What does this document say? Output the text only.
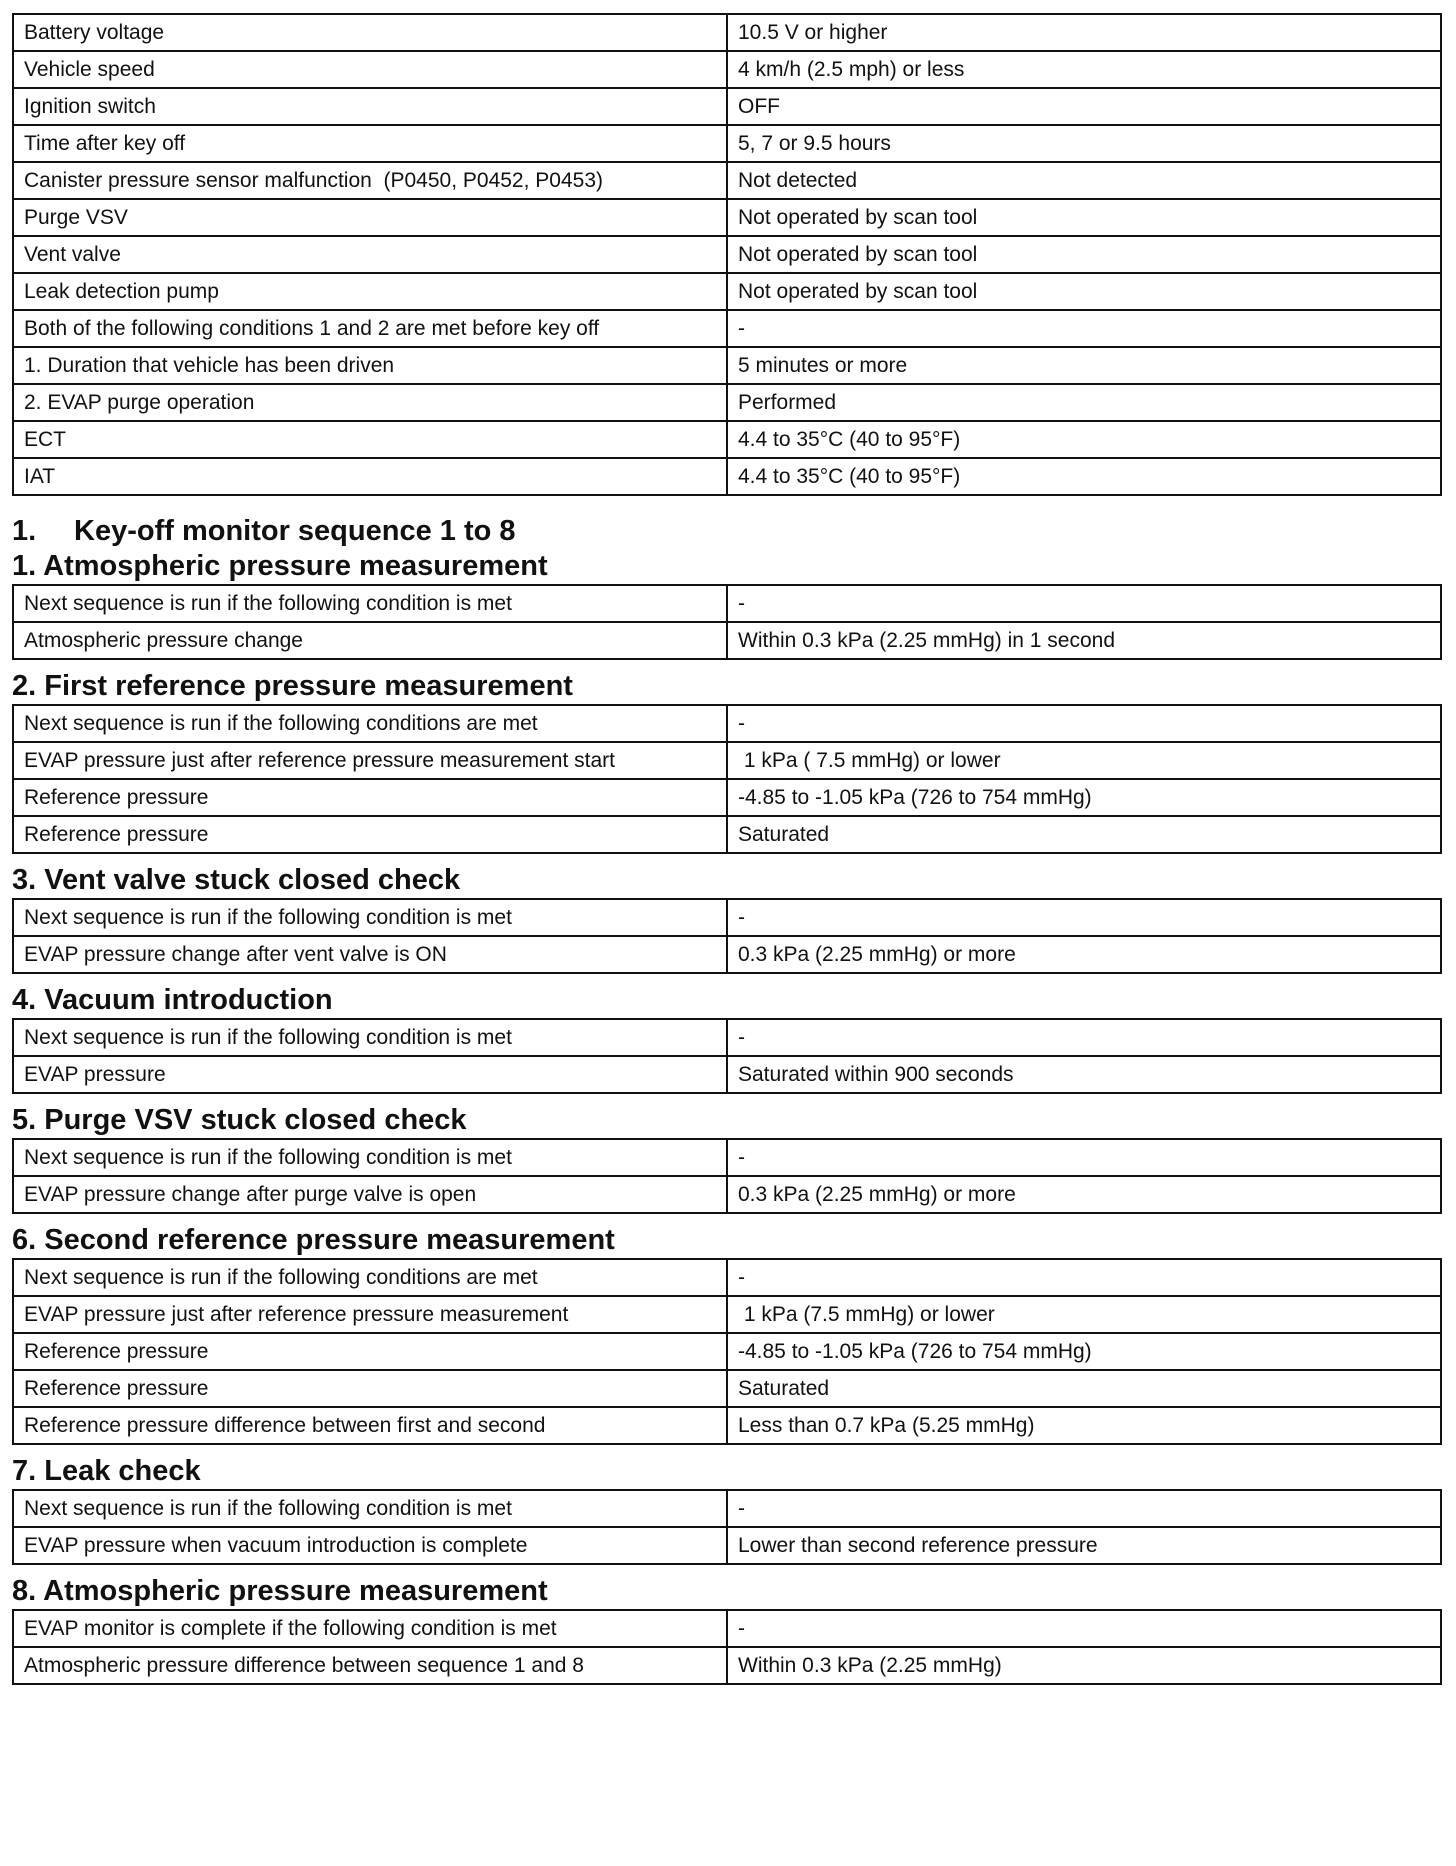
Battery voltage	10.5 V or higher
Vehicle speed	4 km/h (2.5 mph) or less
Ignition switch	OFF
Time after key off	5, 7 or 9.5 hours
Canister pressure sensor malfunction  (P0450, P0452, P0453)	Not detected
Purge VSV	Not operated by scan tool
Vent valve	Not operated by scan tool
Leak detection pump	Not operated by scan tool
Both of the following conditions 1 and 2 are met before key off	-
1. Duration that vehicle has been driven	5 minutes or more
2. EVAP purge operation	Performed
ECT	4.4 to 35°C (40 to 95°F)
IAT	4.4 to 35°C (40 to 95°F)
1. Key-off monitor sequence 1 to 8
1. Atmospheric pressure measurement
Next sequence is run if the following condition is met	-
Atmospheric pressure change	Within 0.3 kPa (2.25 mmHg) in 1 second
2. First reference pressure measurement
Next sequence is run if the following conditions are met	-
EVAP pressure just after reference pressure measurement start	1 kPa ( 7.5 mmHg) or lower
Reference pressure	-4.85 to -1.05 kPa (726 to 754 mmHg)
Reference pressure	Saturated
3. Vent valve stuck closed check
Next sequence is run if the following condition is met	-
EVAP pressure change after vent valve is ON	0.3 kPa (2.25 mmHg) or more
4. Vacuum introduction
Next sequence is run if the following condition is met	-
EVAP pressure	Saturated within 900 seconds
5. Purge VSV stuck closed check
Next sequence is run if the following condition is met	-
EVAP pressure change after purge valve is open	0.3 kPa (2.25 mmHg) or more
6. Second reference pressure measurement
Next sequence is run if the following conditions are met	-
EVAP pressure just after reference pressure measurement	1 kPa (7.5 mmHg) or lower
Reference pressure	-4.85 to -1.05 kPa (726 to 754 mmHg)
Reference pressure	Saturated
Reference pressure difference between first and second	Less than 0.7 kPa (5.25 mmHg)
7. Leak check
Next sequence is run if the following condition is met	-
EVAP pressure when vacuum introduction is complete	Lower than second reference pressure
8. Atmospheric pressure measurement
EVAP monitor is complete if the following condition is met	-
Atmospheric pressure difference between sequence 1 and 8	Within 0.3 kPa (2.25 mmHg)
